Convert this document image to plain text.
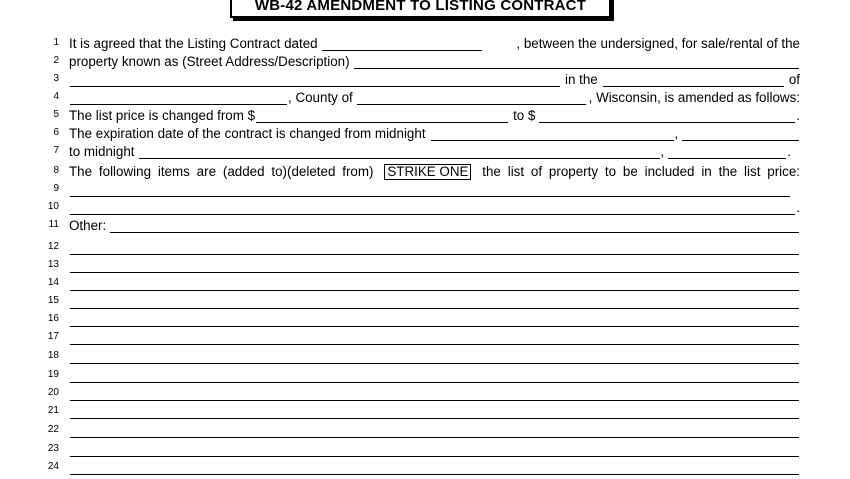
WB-42 AMENDMENT TO LISTING CONTRACT
1 It is agreed that the Listing Contract dated	, between the undersigned, for sale/rental of the
2 property known as (Street Address/Description)
3	in the	of
4	, County of	, Wisconsin, is amended as follows:
5 The list price is changed from $	to $	.
6 The expiration date of the contract is changed from midnight	,
7 to midnight	,	.
8 The following items are (added to)(deleted from) STRIKE ONE the list of property to be included in the list price:
9
10	.
11 Other:
12
13
14
15
16
17
18
19
20
21
22
23
24
